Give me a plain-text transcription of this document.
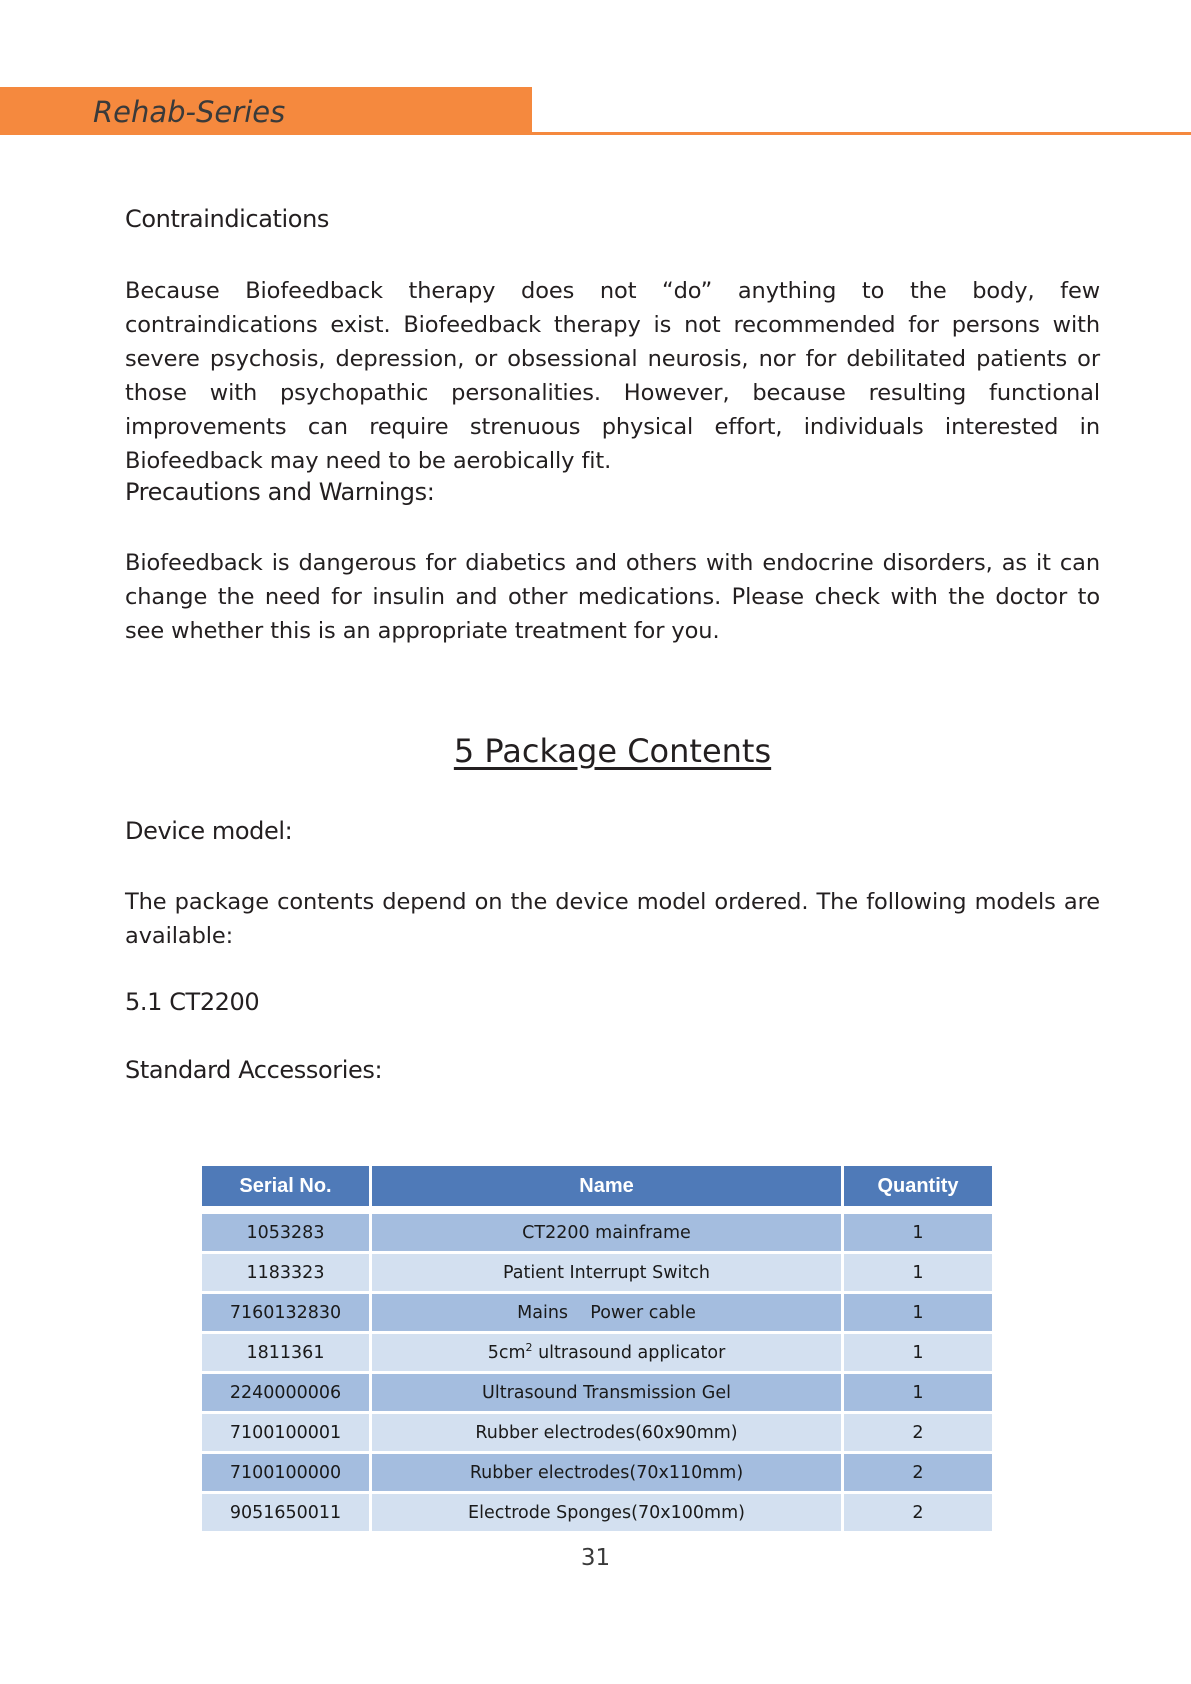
Rehab-Series
Contraindications
Because Biofeedback therapy does not “do” anything to the body, few contraindications exist. Biofeedback therapy is not recommended for persons with severe psychosis, depression, or obsessional neurosis, nor for debilitated patients or those with psychopathic personalities. However, because resulting functional improvements can require strenuous physical effort, individuals interested in Biofeedback may need to be aerobically fit.
Precautions and Warnings:
Biofeedback is dangerous for diabetics and others with endocrine disorders, as it can change the need for insulin and other medications. Please check with the doctor to see whether this is an appropriate treatment for you.
5 Package Contents
Device model:
The package contents depend on the device model ordered. The following models are available:
5.1 CT2200
Standard Accessories:
Serial No.	Name	Quantity

1053283	CT2200 mainframe	1
1183323	Patient Interrupt Switch	1
7160132830	Mains    Power cable	1
1811361	$5cm^2$ ultrasound applicator	1
2240000006	Ultrasound Transmission Gel	1
7100100001	Rubber electrodes(60x90mm)	2
7100100000	Rubber electrodes(70x110mm)	2
9051650011	Electrode Sponges(70x100mm)	2
31
